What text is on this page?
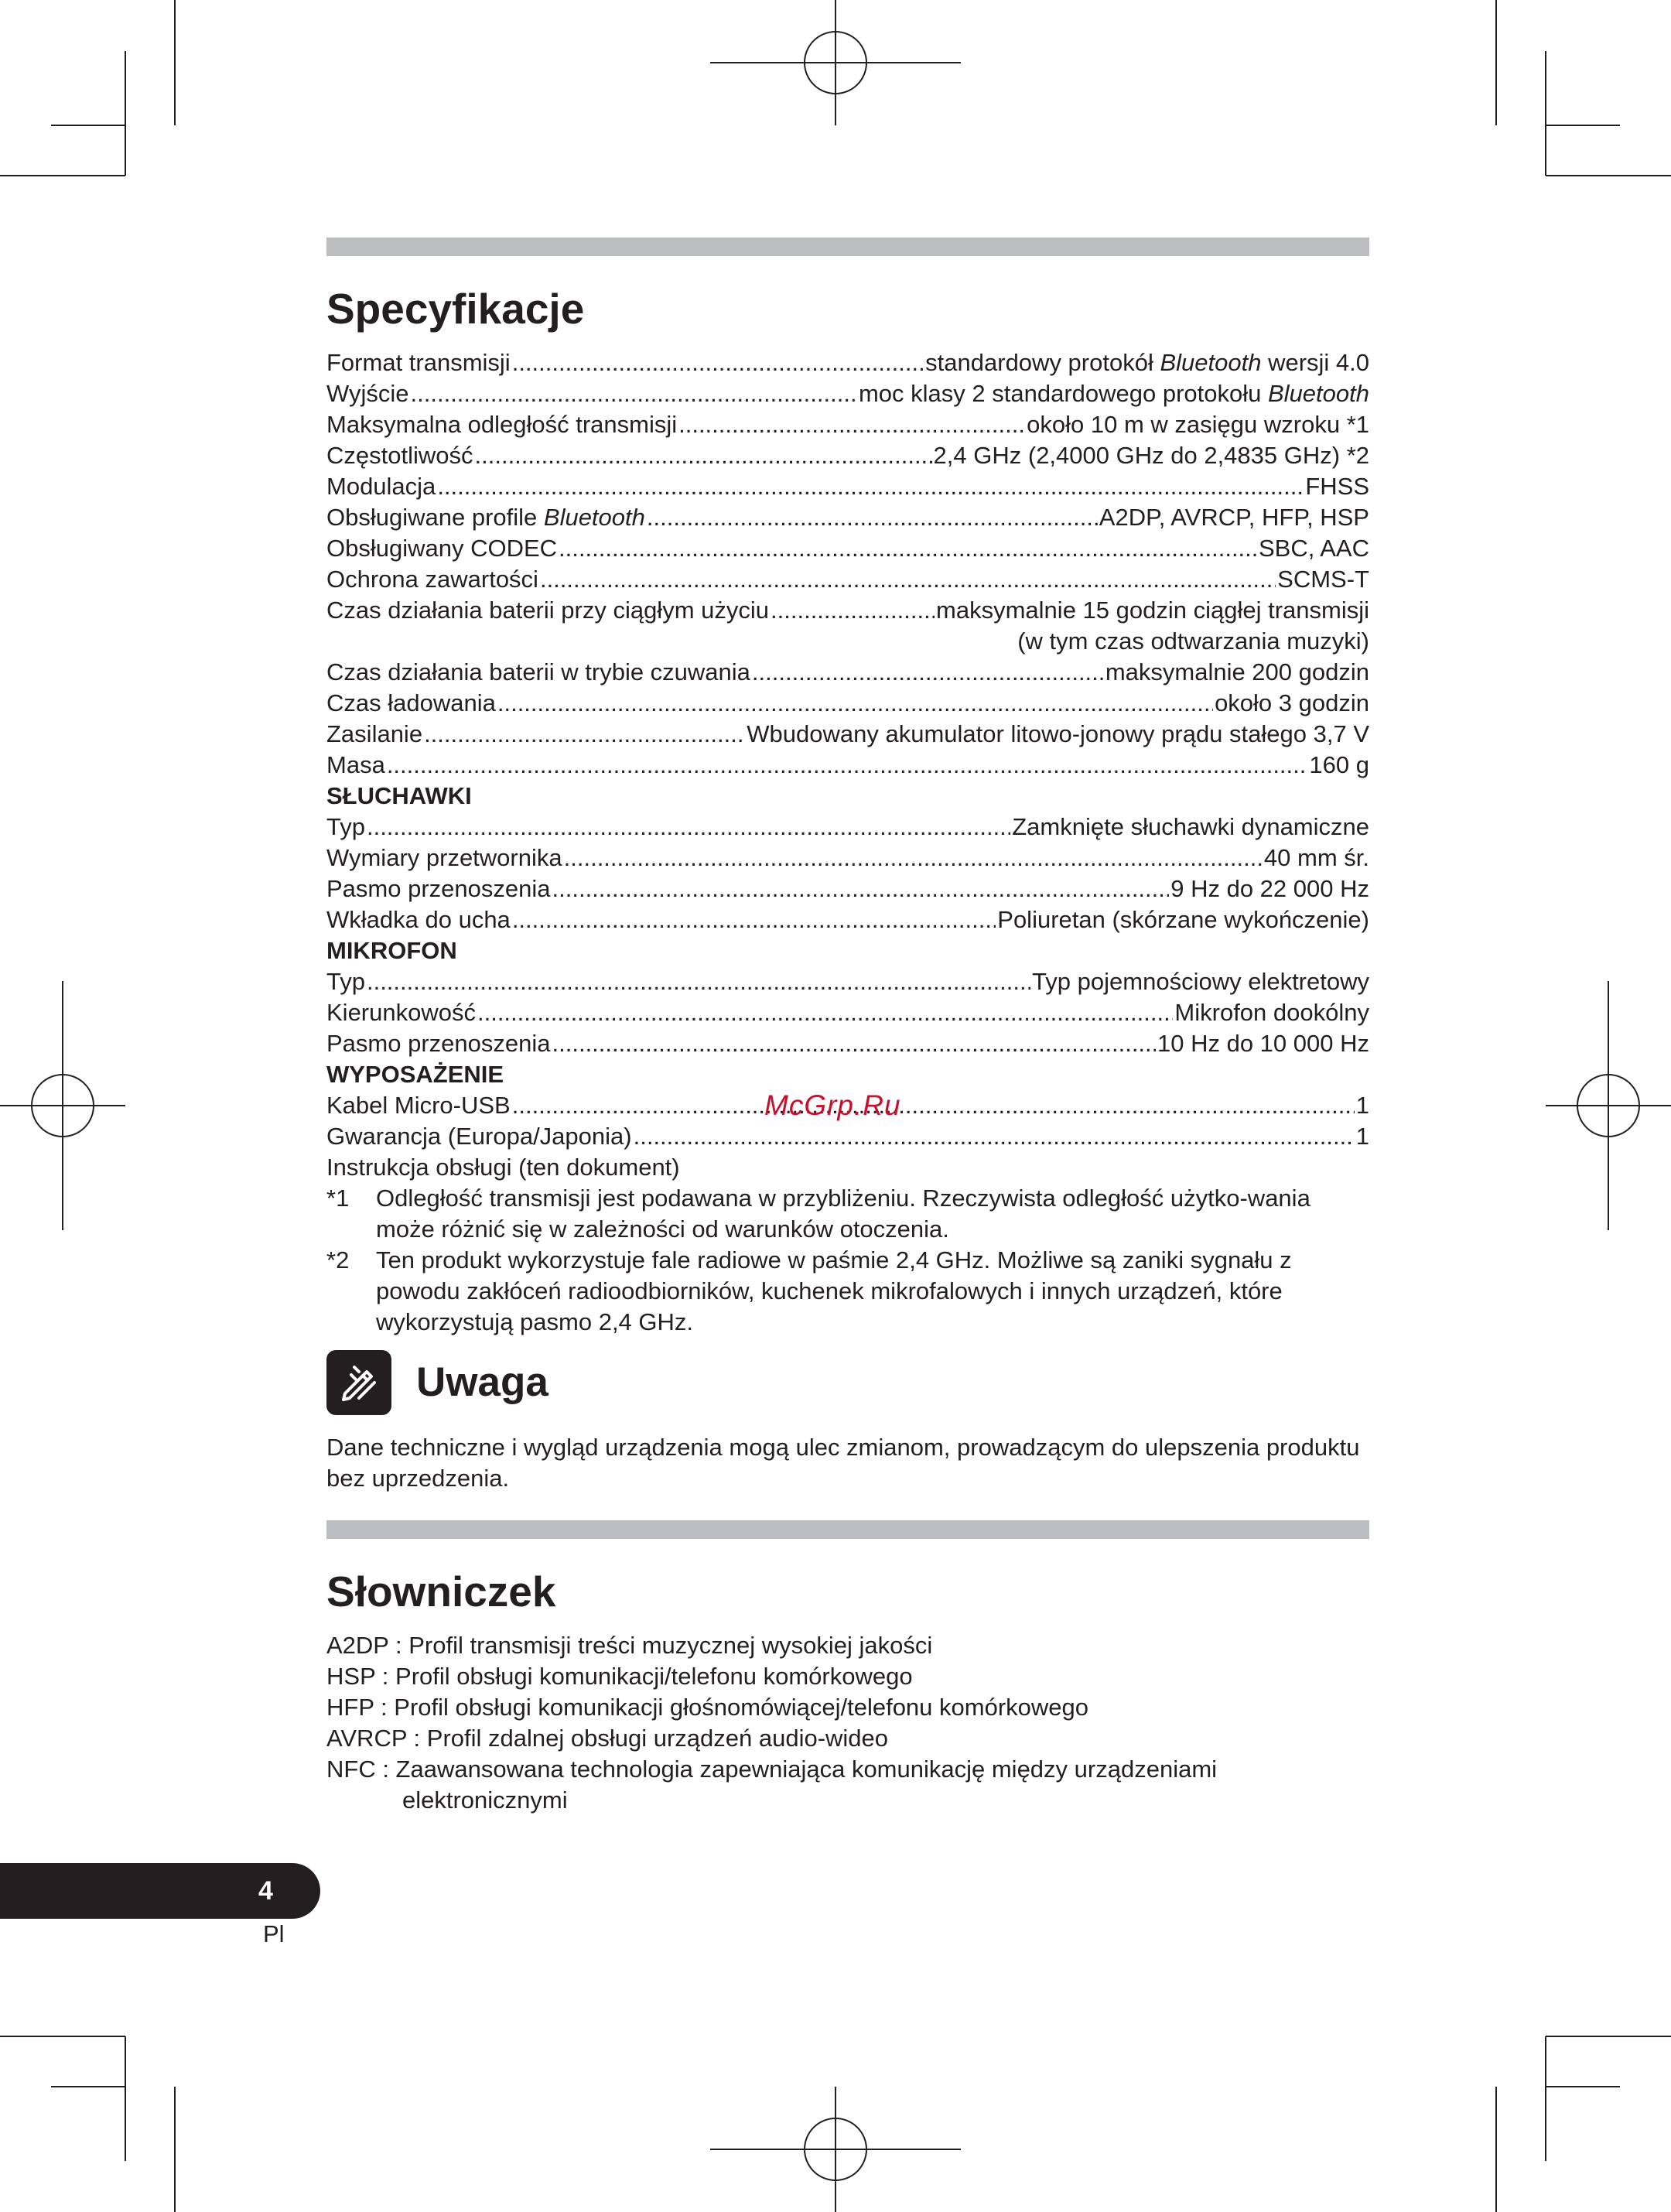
Specyfikacje
Format transmisji .....	standardowy protokół Bluetooth wersji 4.0
Wyjście .....	moc klasy 2 standardowego protokołu Bluetooth
Maksymalna odległość transmisji .....	około 10 m w zasięgu wzroku *1
Częstotliwość .....	2,4 GHz (2,4000 GHz do 2,4835 GHz) *2
Modulacja .....	FHSS
Obsługiwane profile Bluetooth .....	A2DP, AVRCP, HFP, HSP
Obsługiwany CODEC .....	SBC, AAC
Ochrona zawartości .....	SCMS-T
Czas działania baterii przy ciągłym użyciu .....	maksymalnie 15 godzin ciągłej transmisji
(w tym czas odtwarzania muzyki)
Czas działania baterii w trybie czuwania .....	maksymalnie 200 godzin
Czas ładowania .....	około 3 godzin
Zasilanie .....	Wbudowany akumulator litowo-jonowy prądu stałego 3,7 V
Masa .....	160 g
SŁUCHAWKI
Typ .....	Zamknięte słuchawki dynamiczne
Wymiary przetwornika .....	40 mm śr.
Pasmo przenoszenia .....	9 Hz do 22 000 Hz
Wkładka do ucha .....	Poliuretan (skórzane wykończenie)
MIKROFON
Typ .....	Typ pojemnościowy elektretowy
Kierunkowość .....	Mikrofon dookólny
Pasmo przenoszenia .....	10 Hz do 10 000 Hz
WYPOSAŻENIE
Kabel Micro-USB .....	1
Gwarancja (Europa/Japonia) .....	1
Instrukcja obsługi (ten dokument)
*1	Odległość transmisji jest podawana w przybliżeniu. Rzeczywista odległość użytko-wania może różnić się w zależności od warunków otoczenia.
*2	Ten produkt wykorzystuje fale radiowe w paśmie 2,4 GHz. Możliwe są zaniki sygnału z powodu zakłóceń radioodbiorników, kuchenek mikrofalowych i innych urządzeń, które wykorzystują pasmo 2,4 GHz.
Uwaga
Dane techniczne i wygląd urządzenia mogą ulec zmianom, prowadzącym do ulepszenia produktu bez uprzedzenia.
Słowniczek
A2DP : Profil transmisji treści muzycznej wysokiej jakości
HSP : Profil obsługi komunikacji/telefonu komórkowego
HFP : Profil obsługi komunikacji głośnomówiącej/telefonu komórkowego
AVRCP : Profil zdalnej obsługi urządzeń audio-wideo
NFC : Zaawansowana technologia zapewniająca komunikację między urządzeniami
elektronicznymi
McGrp.Ru
4
Pl
